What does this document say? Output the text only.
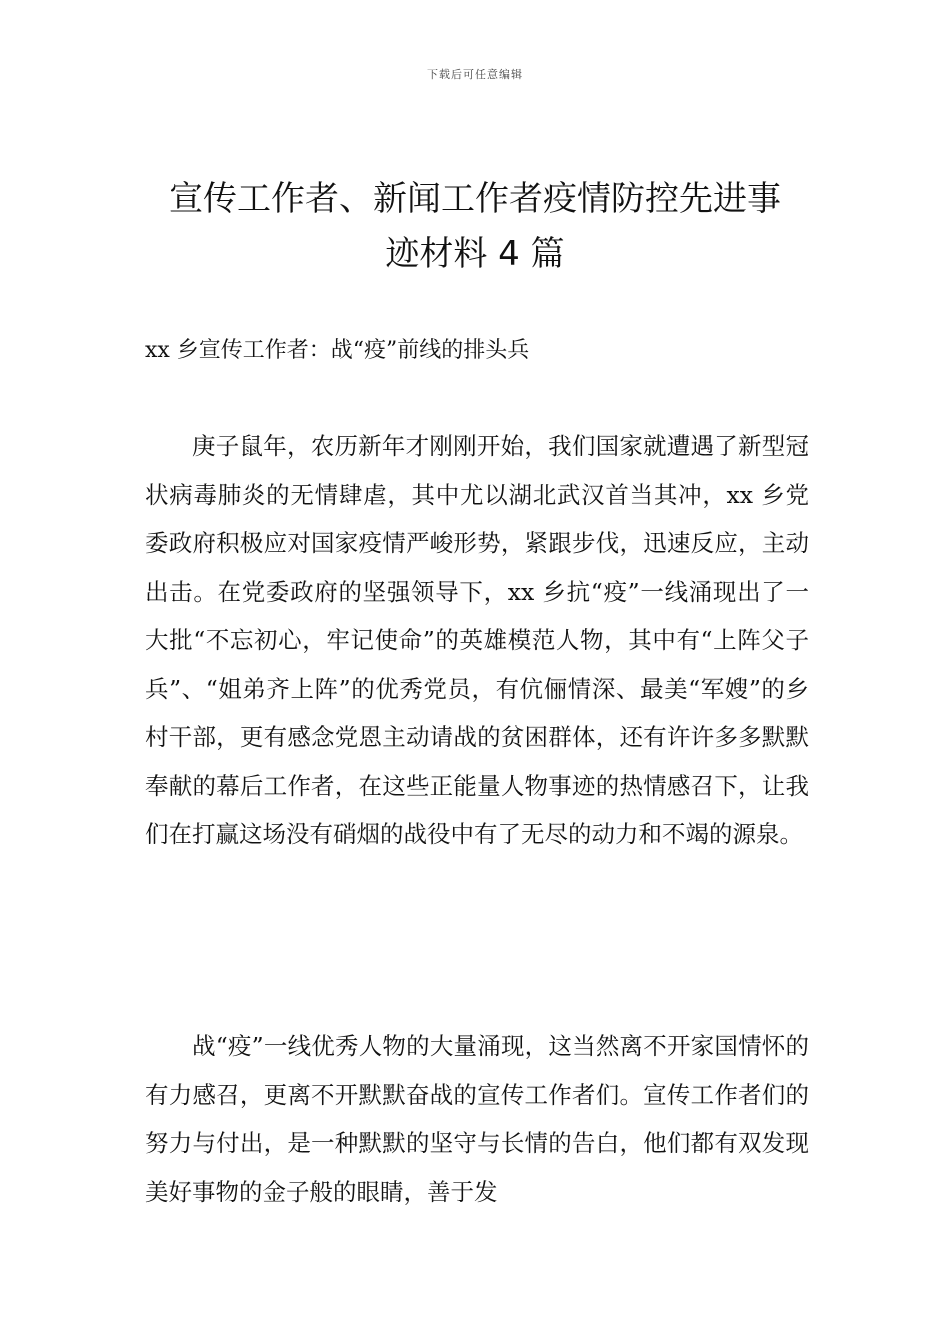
下载后可任意编辑
宣传工作者、新闻工作者疫情防控先进事
迹材料 4 篇

xx 乡宣传工作者：战“疫”前线的排头兵

庚子鼠年，农历新年才刚刚开始，我们国家就遭遇了新型冠状病毒肺炎的无情肆虐，其中尤以湖北武汉首当其冲，xx 乡党委政府积极应对国家疫情严峻形势，紧跟步伐，迅速反应，主动出击。在党委政府的坚强领导下，xx 乡抗“疫”一线涌现出了一大批“不忘初心，牢记使命”的英雄模范人物，其中有“上阵父子兵”、“姐弟齐上阵”的优秀党员，有伉俪情深、最美“军嫂”的乡村干部，更有感念党恩主动请战的贫困群体，还有许许多多默默奉献的幕后工作者，在这些正能量人物事迹的热情感召下，让我们在打赢这场没有硝烟的战役中有了无尽的动力和不竭的源泉。

战“疫”一线优秀人物的大量涌现，这当然离不开家国情怀的有力感召，更离不开默默奋战的宣传工作者们。宣传工作者们的努力与付出，是一种默默的坚守与长情的告白，他们都有双发现美好事物的金子般的眼睛，善于发
